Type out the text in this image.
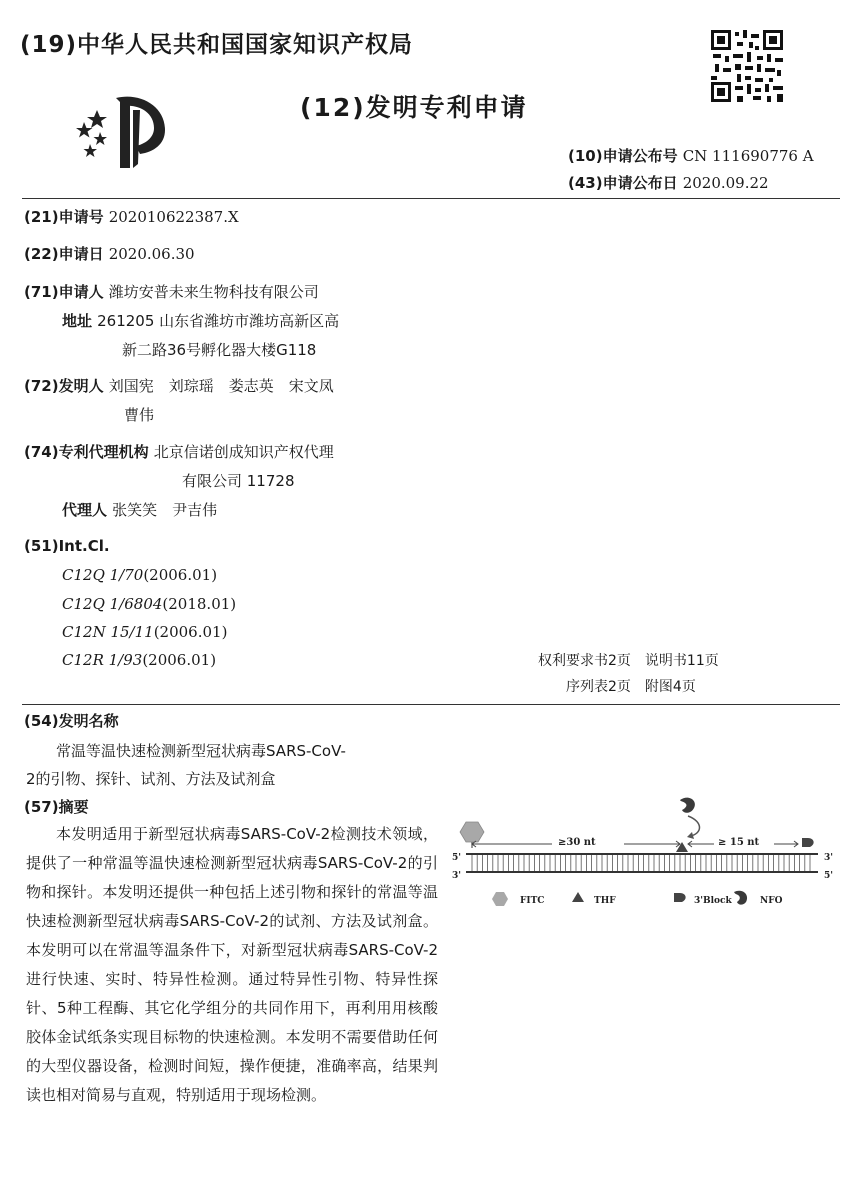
(19)中华人民共和国国家知识产权局
(12)发明专利申请
(10)申请公布号 CN 111690776 A
(43)申请公布日 2020.09.22
(21)申请号 202010622387.X
(22)申请日 2020.06.30
(71)申请人 潍坊安普未来生物科技有限公司
地址 261205 山东省潍坊市潍坊高新区高
新二路36号孵化器大楼G118
(72)发明人 刘国宪　刘琮瑶　娄志英　宋文凤
曹伟
(74)专利代理机构 北京信诺创成知识产权代理
有限公司 11728
代理人 张笑笑　尹吉伟
(51)Int.Cl.
C12Q 1/70(2006.01)
C12Q 1/6804(2018.01)
C12N 15/11(2006.01)
C12R 1/93(2006.01)	权利要求书2页　说明书11页
序列表2页　附图4页
(54)发明名称
常温等温快速检测新型冠状病毒SARS-CoV-
2的引物、探针、试剂、方法及试剂盒
(57)摘要
本发明适用于新型冠状病毒SARS-CoV-2检测技术领域，提供了一种常温等温快速检测新型冠状病毒SARS-CoV-2的引物和探针。本发明还提供一种包括上述引物和探针的常温等温快速检测新型冠状病毒SARS-CoV-2的试剂、方法及试剂盒。本发明可以在常温等温条件下，对新型冠状病毒SARS-CoV-2进行快速、实时、特异性检测。通过特异性引物、特异性探针、5种工程酶、其它化学组分的共同作用下，再利用用核酸胶体金试纸条实现目标物的快速检测。本发明不需要借助任何的大型仪器设备，检测时间短，操作便捷，准确率高，结果判读也相对简易与直观，特别适用于现场检测。
≥30 nt	≥ 15 nt
5'
3'
3'
5'
FITC	THF	3'Block	NFO
